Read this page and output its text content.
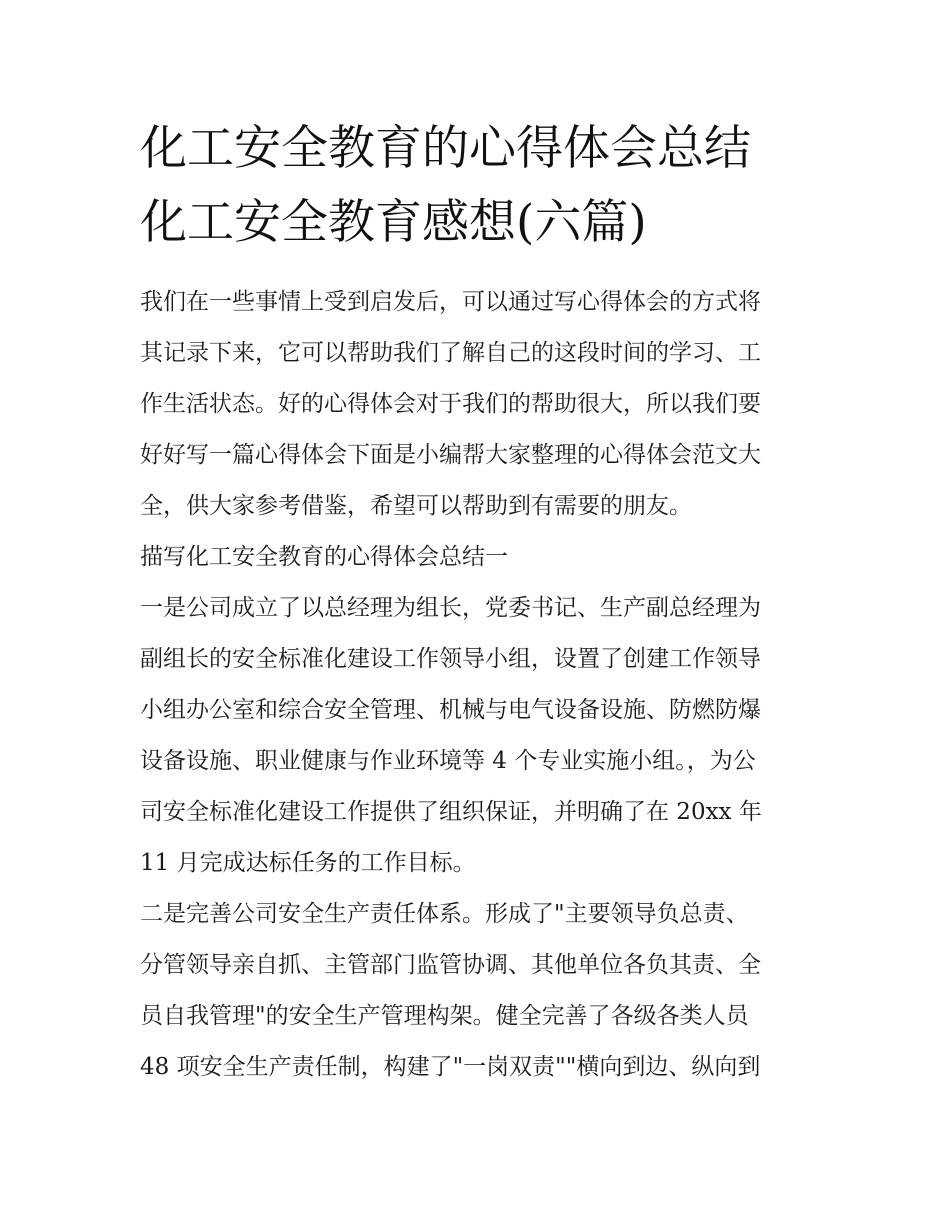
化工安全教育的心得体会总结
化工安全教育感想(六篇)
我们在一些事情上受到启发后，可以通过写心得体会的方式将
其记录下来，它可以帮助我们了解自己的这段时间的学习、工
作生活状态。好的心得体会对于我们的帮助很大，所以我们要
好好写一篇心得体会下面是小编帮大家整理的心得体会范文大
全，供大家参考借鉴，希望可以帮助到有需要的朋友。
描写化工安全教育的心得体会总结一
一是公司成立了以总经理为组长，党委书记、生产副总经理为
副组长的安全标准化建设工作领导小组，设置了创建工作领导
小组办公室和综合安全管理、机械与电气设备设施、防燃防爆
设备设施、职业健康与作业环境等 4 个专业实施小组。，为公
司安全标准化建设工作提供了组织保证，并明确了在 20xx 年
11 月完成达标任务的工作目标。
二是完善公司安全生产责任体系。形成了"主要领导负总责、
分管领导亲自抓、主管部门监管协调、其他单位各负其责、全
员自我管理"的安全生产管理构架。健全完善了各级各类人员
48 项安全生产责任制，构建了"一岗双责""横向到边、纵向到
